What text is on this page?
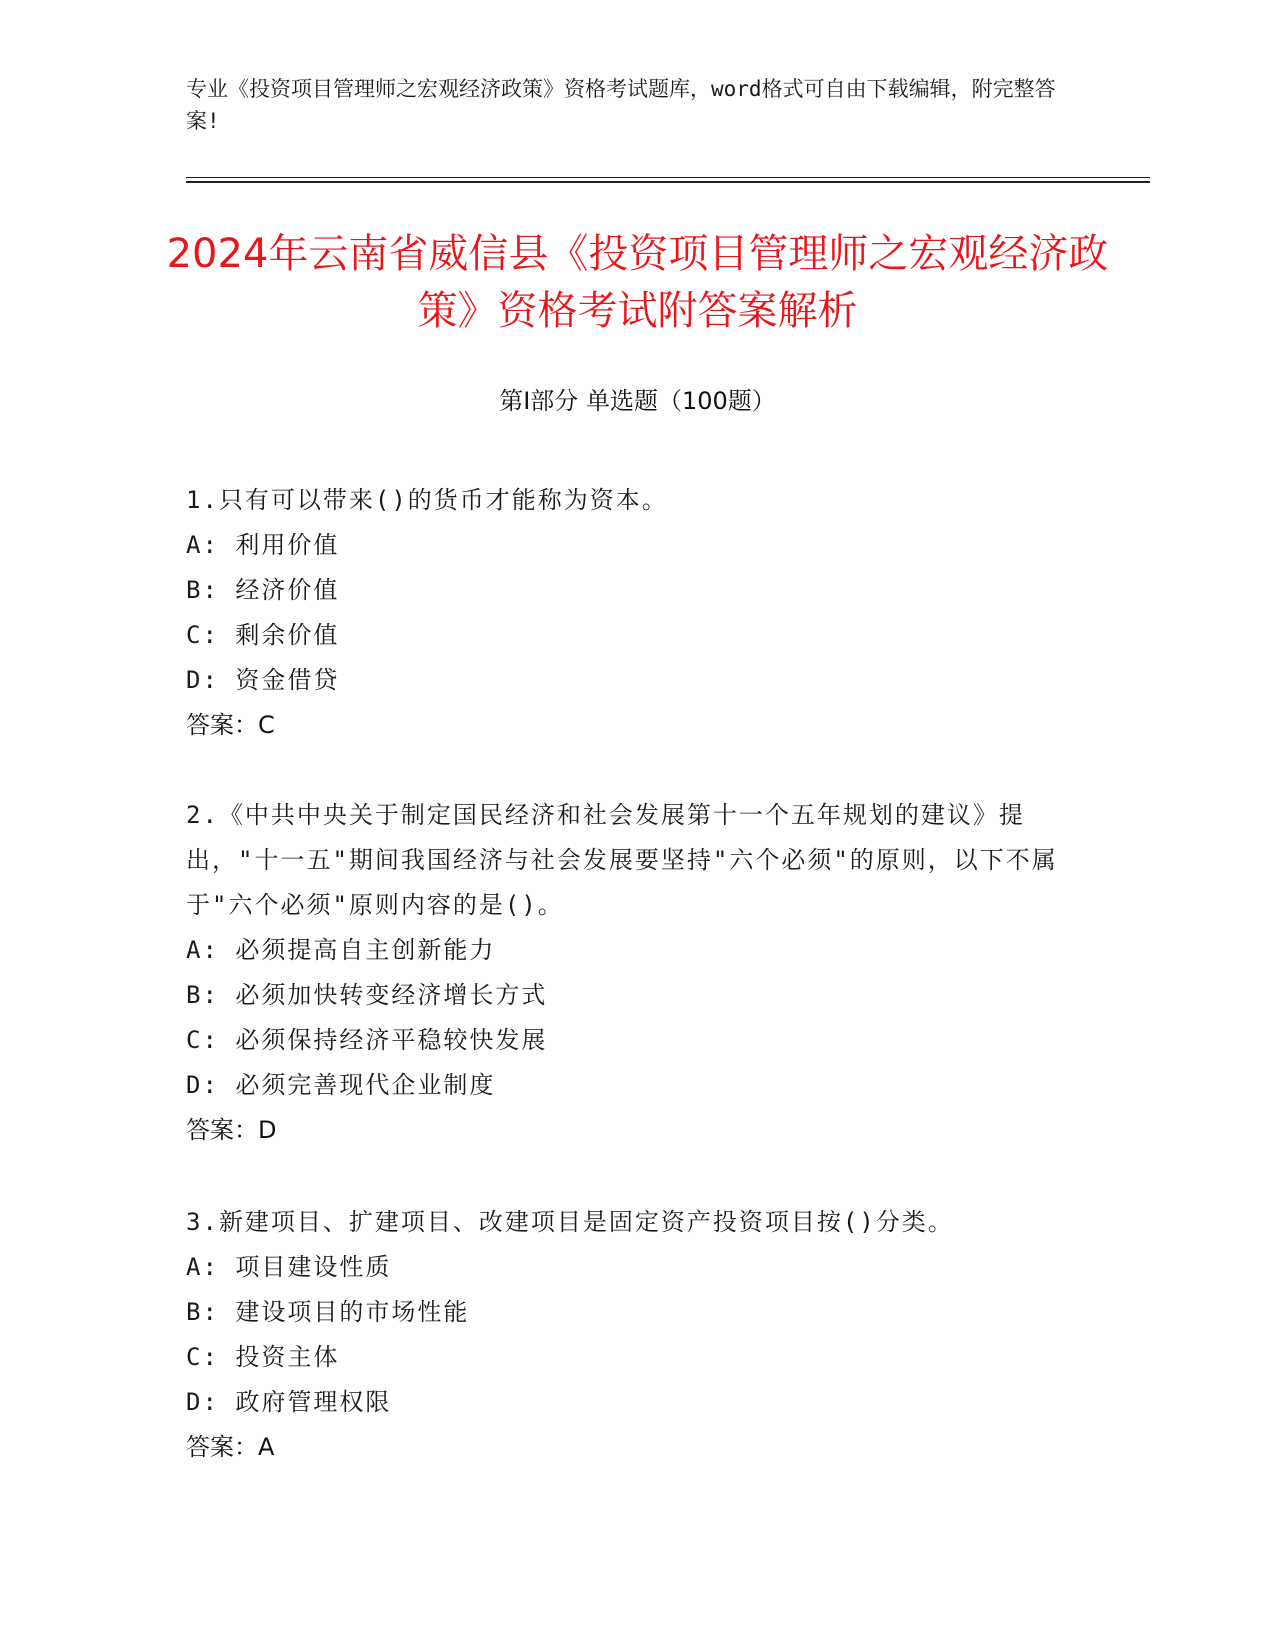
专业《投资项目管理师之宏观经济政策》资格考试题库，word格式可自由下载编辑，附完整答案!
2024年云南省威信县《投资项目管理师之宏观经济政策》资格考试附答案解析
第I部分 单选题（100题）

1.只有可以带来()的货币才能称为资本。

A: 利用价值

B: 经济价值

C: 剩余价值

D: 资金借贷

答案：C

2.《中共中央关于制定国民经济和社会发展第十一个五年规划的建议》提出，"十一五"期间我国经济与社会发展要坚持"六个必须"的原则，以下不属于"六个必须"原则内容的是()。

A: 必须提高自主创新能力

B: 必须加快转变经济增长方式

C: 必须保持经济平稳较快发展

D: 必须完善现代企业制度

答案：D

3.新建项目、扩建项目、改建项目是固定资产投资项目按()分类。

A: 项目建设性质

B: 建设项目的市场性能

C: 投资主体

D: 政府管理权限

答案：A
